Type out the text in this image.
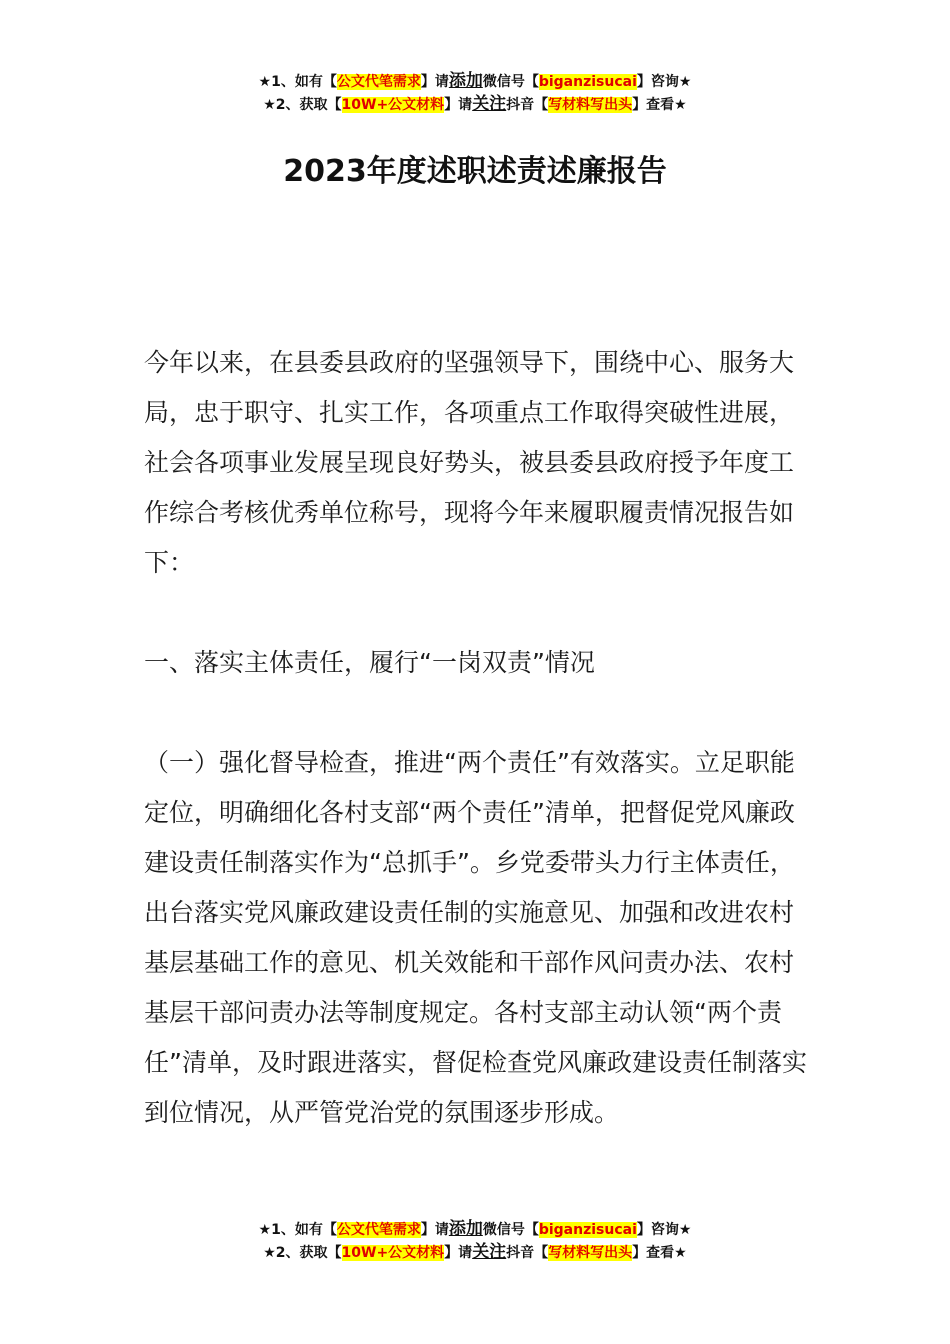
★1、如有【公文代笔需求】请添加微信号【biganzisucai】咨询★
★2、获取【10W+公文材料】请关注抖音【写材料写出头】查看★
2023年度述职述责述廉报告

今年以来，在县委县政府的坚强领导下，围绕中心、服务大局，忠于职守、扎实工作，各项重点工作取得突破性进展，社会各项事业发展呈现良好势头，被县委县政府授予年度工作综合考核优秀单位称号，现将今年来履职履责情况报告如下：

一、落实主体责任，履行“一岗双责”情况

（一）强化督导检查，推进“两个责任”有效落实。立足职能定位，明确细化各村支部“两个责任”清单，把督促党风廉政建设责任制落实作为“总抓手”。乡党委带头力行主体责任，出台落实党风廉政建设责任制的实施意见、加强和改进农村基层基础工作的意见、机关效能和干部作风问责办法、农村基层干部问责办法等制度规定。各村支部主动认领“两个责任”清单，及时跟进落实，督促检查党风廉政建设责任制落实到位情况，从严管党治党的氛围逐步形成。

★1、如有【公文代笔需求】请添加微信号【biganzisucai】咨询★
★2、获取【10W+公文材料】请关注抖音【写材料写出头】查看★
